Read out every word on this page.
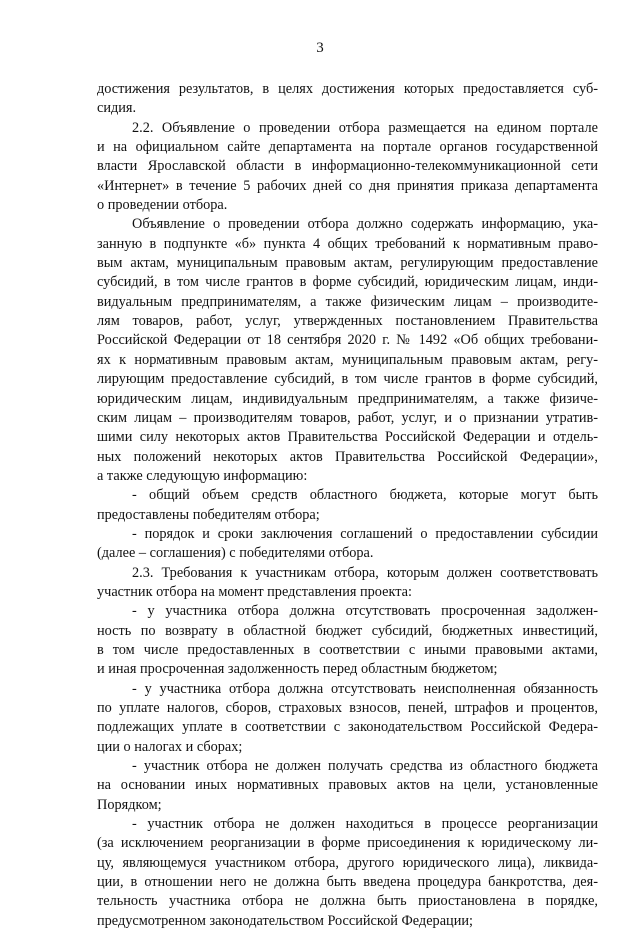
3
достижения результатов, в целях достижения которых предоставляется суб-
сидия.
2.2. Объявление о проведении отбора размещается на едином портале
и на официальном сайте департамента на портале органов государственной
власти Ярославской области в информационно-телекоммуникационной сети
«Интернет» в течение 5 рабочих дней со дня принятия приказа департамента
о проведении отбора.
Объявление о проведении отбора должно содержать информацию, ука-
занную в подпункте «б» пункта 4 общих требований к нормативным право-
вым актам, муниципальным правовым актам, регулирующим предоставление
субсидий, в том числе грантов в форме субсидий, юридическим лицам, инди-
видуальным предпринимателям, а также физическим лицам – производите-
лям товаров, работ, услуг, утвержденных постановлением Правительства
Российской Федерации от 18 сентября 2020 г. № 1492 «Об общих требовани-
ях к нормативным правовым актам, муниципальным правовым актам, регу-
лирующим предоставление субсидий, в том числе грантов в форме субсидий,
юридическим лицам, индивидуальным предпринимателям, а также физиче-
ским лицам – производителям товаров, работ, услуг, и о признании утратив-
шими силу некоторых актов Правительства Российской Федерации и отдель-
ных положений некоторых актов Правительства Российской Федерации»,
а также следующую информацию:
- общий объем средств областного бюджета, которые могут быть
предоставлены победителям отбора;
- порядок и сроки заключения соглашений о предоставлении субсидии
(далее – соглашения) с победителями отбора.
2.3. Требования к участникам отбора, которым должен соответствовать
участник отбора на момент представления проекта:
- у участника отбора должна отсутствовать просроченная задолжен-
ность по возврату в областной бюджет субсидий, бюджетных инвестиций,
в том числе предоставленных в соответствии с иными правовыми актами,
и иная просроченная задолженность перед областным бюджетом;
- у участника отбора должна отсутствовать неисполненная обязанность
по уплате налогов, сборов, страховых взносов, пеней, штрафов и процентов,
подлежащих уплате в соответствии с законодательством Российской Федера-
ции о налогах и сборах;
- участник отбора не должен получать средства из областного бюджета
на основании иных нормативных правовых актов на цели, установленные
Порядком;
- участник отбора не должен находиться в процессе реорганизации
(за исключением реорганизации в форме присоединения к юридическому ли-
цу, являющемуся участником отбора, другого юридического лица), ликвида-
ции, в отношении него не должна быть введена процедура банкротства, дея-
тельность участника отбора не должна быть приостановлена в порядке,
предусмотренном законодательством Российской Федерации;
